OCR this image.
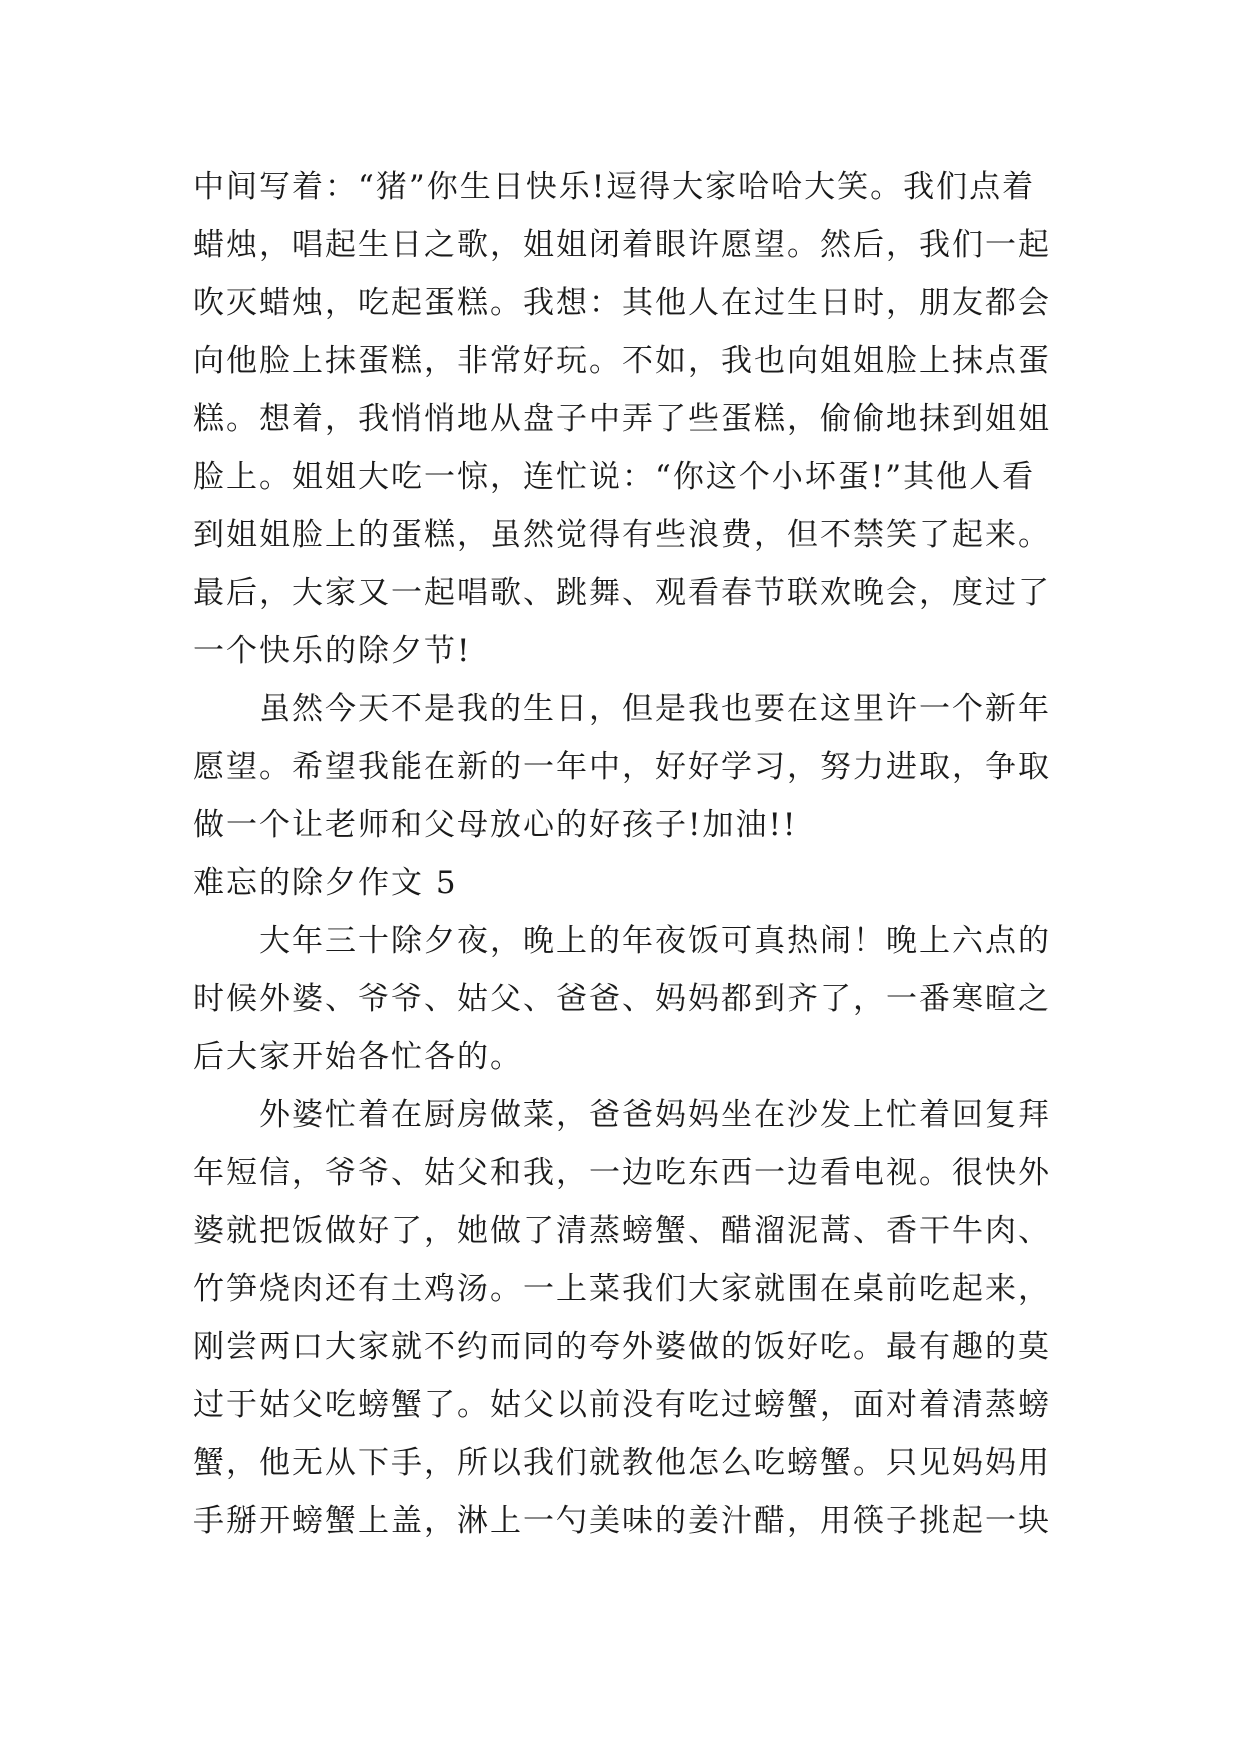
中间写着：“猪”你生日快乐!逗得大家哈哈大笑。我们点着
蜡烛，唱起生日之歌，姐姐闭着眼许愿望。然后，我们一起
吹灭蜡烛，吃起蛋糕。我想：其他人在过生日时，朋友都会
向他脸上抹蛋糕，非常好玩。不如，我也向姐姐脸上抹点蛋
糕。想着，我悄悄地从盘子中弄了些蛋糕，偷偷地抹到姐姐
脸上。姐姐大吃一惊，连忙说：“你这个小坏蛋!”其他人看
到姐姐脸上的蛋糕，虽然觉得有些浪费，但不禁笑了起来。
最后，大家又一起唱歌、跳舞、观看春节联欢晚会，度过了
一个快乐的除夕节!

虽然今天不是我的生日，但是我也要在这里许一个新年
愿望。希望我能在新的一年中，好好学习，努力进取，争取
做一个让老师和父母放心的好孩子!加油!!

难忘的除夕作文 5

大年三十除夕夜，晚上的年夜饭可真热闹！晚上六点的
时候外婆、爷爷、姑父、爸爸、妈妈都到齐了，一番寒暄之
后大家开始各忙各的。

外婆忙着在厨房做菜，爸爸妈妈坐在沙发上忙着回复拜
年短信，爷爷、姑父和我，一边吃东西一边看电视。很快外
婆就把饭做好了，她做了清蒸螃蟹、醋溜泥蒿、香干牛肉、
竹笋烧肉还有土鸡汤。一上菜我们大家就围在桌前吃起来，
刚尝两口大家就不约而同的夸外婆做的饭好吃。最有趣的莫
过于姑父吃螃蟹了。姑父以前没有吃过螃蟹，面对着清蒸螃
蟹，他无从下手，所以我们就教他怎么吃螃蟹。只见妈妈用
手掰开螃蟹上盖，淋上一勺美味的姜汁醋，用筷子挑起一块
